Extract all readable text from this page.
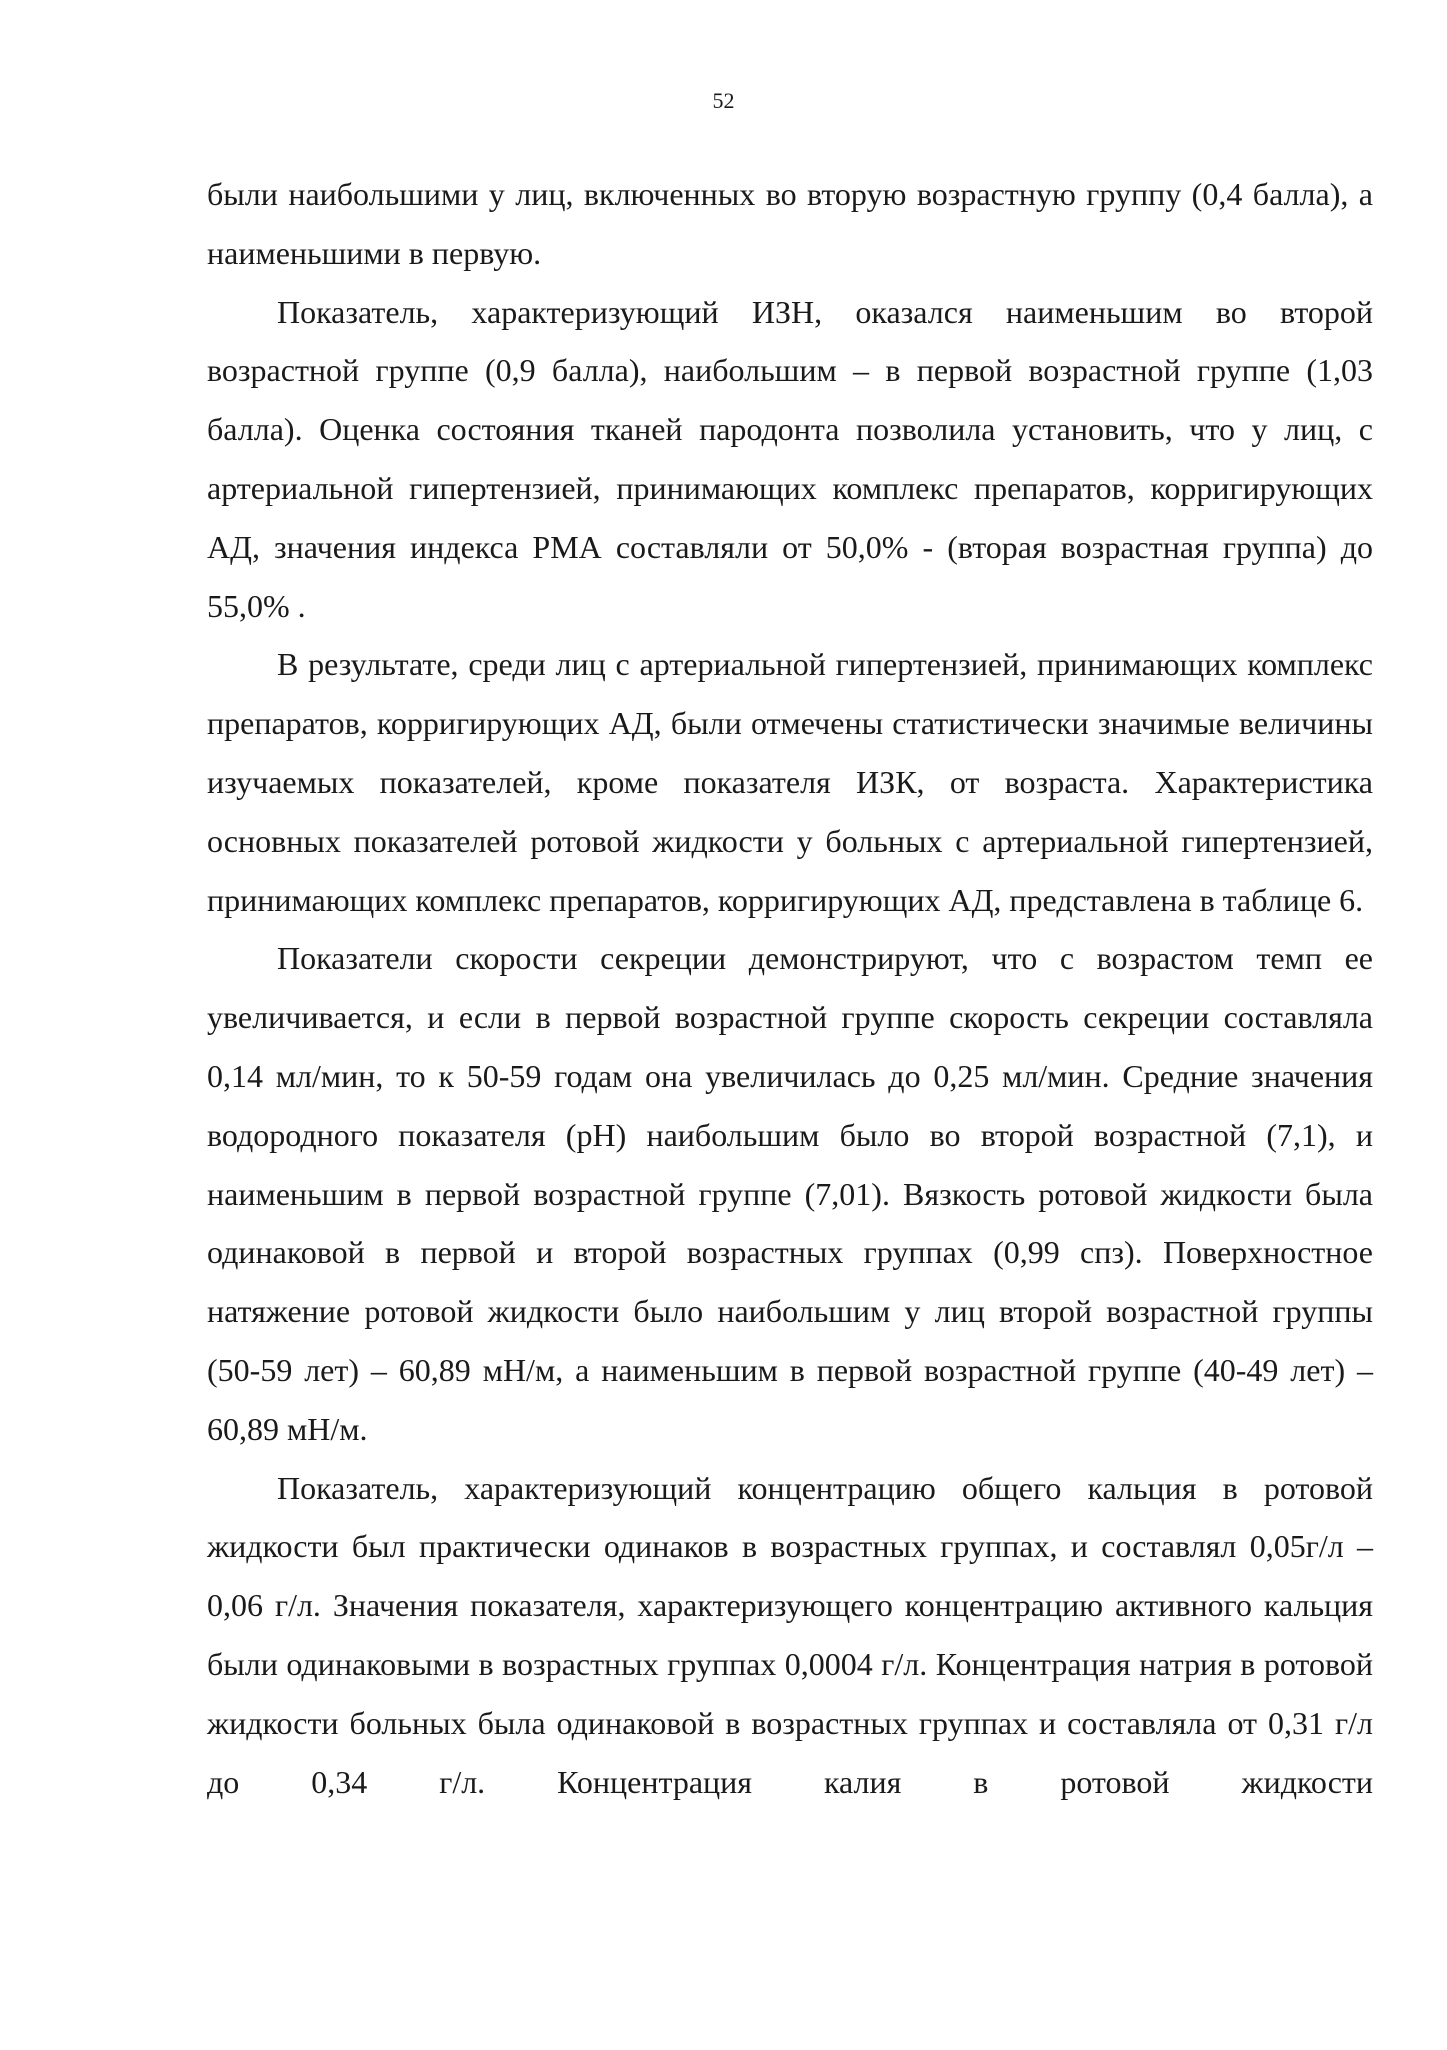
52

были наибольшими у лиц, включенных во вторую возрастную группу (0,4 балла), а наименьшими в первую.

Показатель, характеризующий ИЗН, оказался наименьшим во второй возрастной группе (0,9 балла), наибольшим – в первой возрастной группе (1,03 балла). Оценка состояния тканей пародонта позволила установить, что у лиц, с артериальной гипертензией, принимающих комплекс препаратов, корригирующих АД, значения индекса РМА составляли от 50,0% - (вторая возрастная группа) до 55,0% .

В результате, среди лиц с артериальной гипертензией, принимающих комплекс препаратов, корригирующих АД, были отмечены статистически значимые величины изучаемых показателей, кроме показателя ИЗК, от возраста. Характеристика основных показателей ротовой жидкости у больных с артериальной гипертензией, принимающих комплекс препаратов, корригирующих АД, представлена в таблице 6.

Показатели скорости секреции демонстрируют, что с возрастом темп ее увеличивается, и если в первой возрастной группе скорость секреции составляла 0,14 мл/мин, то к 50-59 годам она увеличилась до 0,25 мл/мин. Средние значения водородного показателя (рН) наибольшим было во второй возрастной (7,1), и наименьшим в первой возрастной группе (7,01). Вязкость ротовой жидкости была одинаковой в первой и второй возрастных группах (0,99 спз). Поверхностное натяжение ротовой жидкости было наибольшим у лиц второй возрастной группы (50-59 лет) – 60,89 мН/м, а наименьшим в первой возрастной группе (40-49 лет) – 60,89 мН/м.

Показатель, характеризующий концентрацию общего кальция в ротовой жидкости был практически одинаков в возрастных группах, и составлял 0,05г/л – 0,06 г/л. Значения показателя, характеризующего концентрацию активного кальция были одинаковыми в возрастных группах 0,0004 г/л. Концентрация натрия в ротовой жидкости больных была одинаковой в возрастных группах и составляла от 0,31 г/л до 0,34 г/л. Концентрация калия в ротовой жидкости
